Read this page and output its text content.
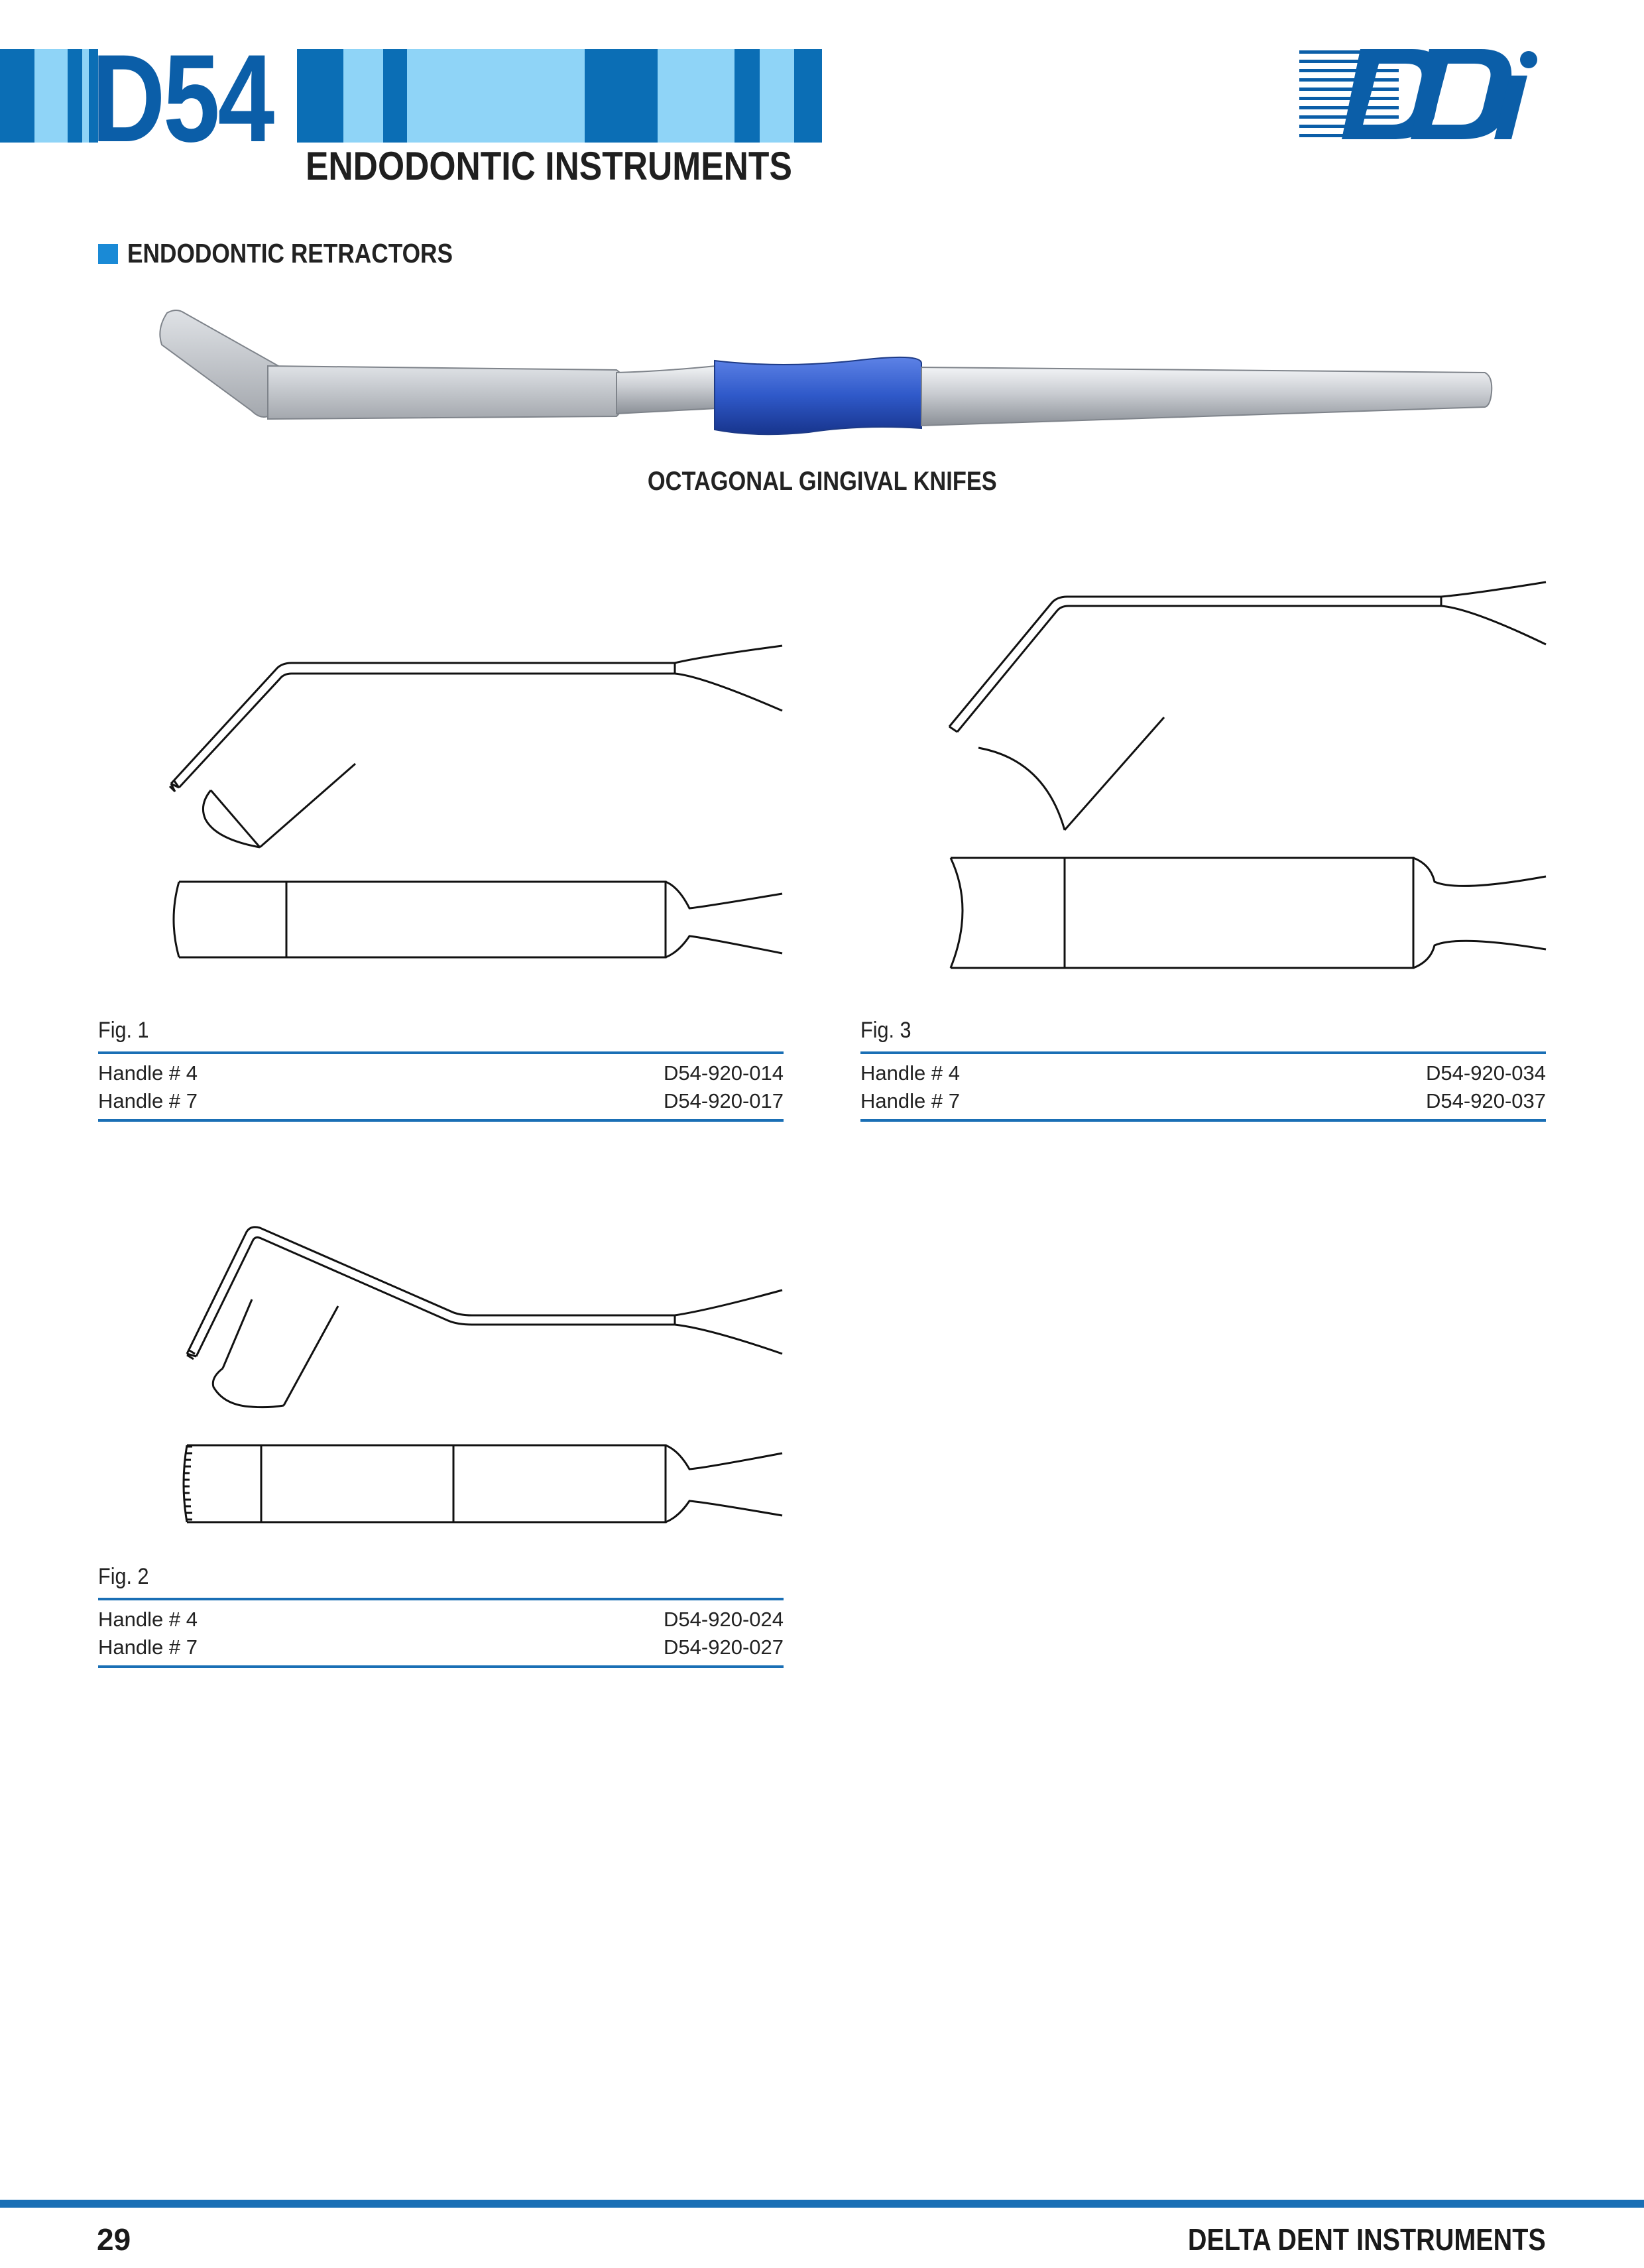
D54 ENDODONTIC INSTRUMENTS
ENDODONTIC RETRACTORS
OCTAGONAL GINGIVAL KNIFES
Fig. 1
Handle # 4	D54-920-014
Handle # 7	D54-920-017
Fig. 3
Handle # 4	D54-920-034
Handle # 7	D54-920-037
Fig. 2
Handle # 4	D54-920-024
Handle # 7	D54-920-027
29	DELTA DENT INSTRUMENTS
